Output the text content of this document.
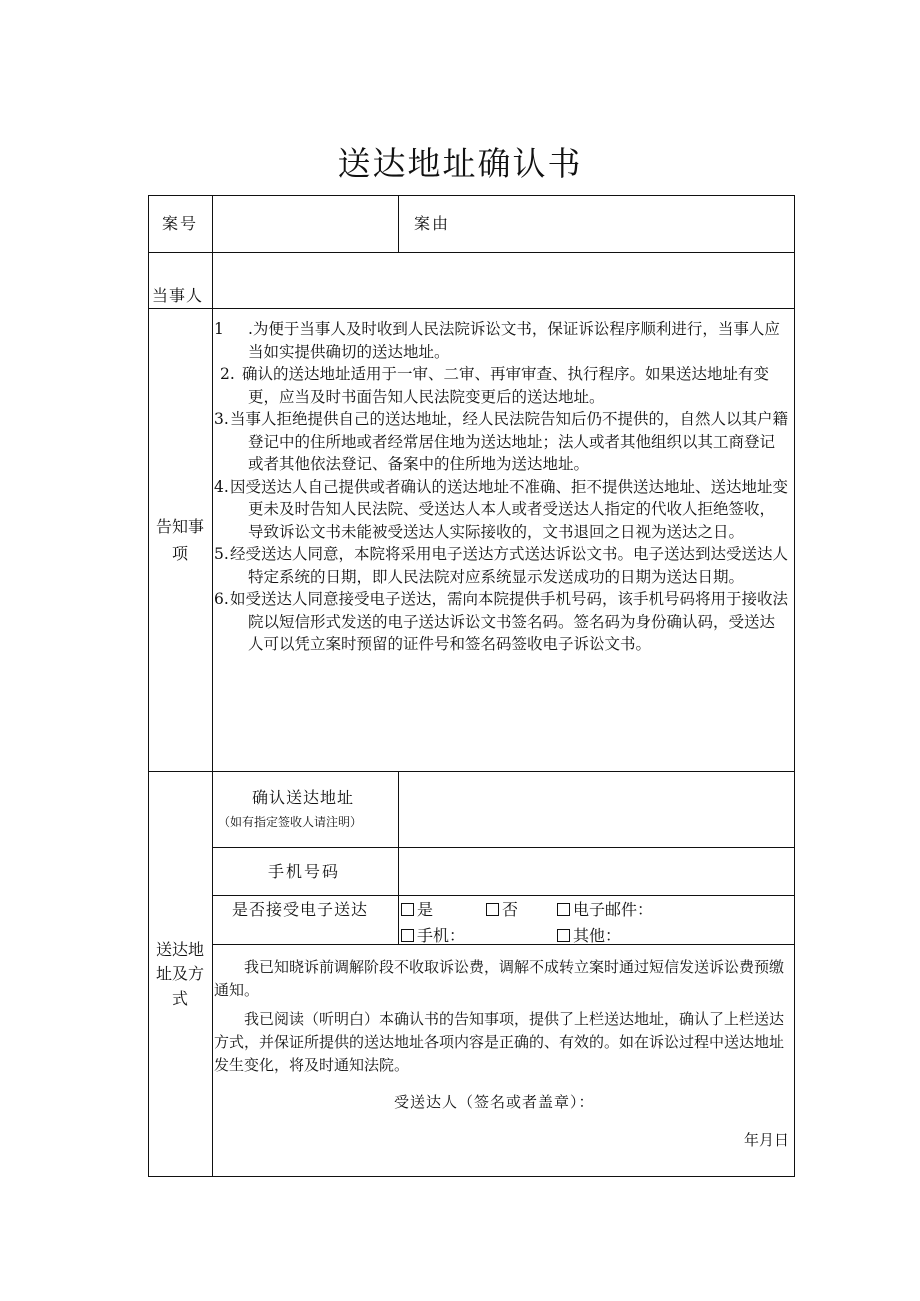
送达地址确认书
案号	案由
当事人
告知事
项
1 .为便于当事人及时收到人民法院诉讼文书，保证诉讼程序顺利进行，当事人应当如实提供确切的送达地址。
2. 确认的送达地址适用于一审、二审、再审审查、执行程序。如果送达地址有变更，应当及时书面告知人民法院变更后的送达地址。
3.当事人拒绝提供自己的送达地址，经人民法院告知后仍不提供的，自然人以其户籍登记中的住所地或者经常居住地为送达地址；法人或者其他组织以其工商登记或者其他依法登记、备案中的住所地为送达地址。
4.因受送达人自己提供或者确认的送达地址不准确、拒不提供送达地址、送达地址变更未及时告知人民法院、受送达人本人或者受送达人指定的代收人拒绝签收，导致诉讼文书未能被受送达人实际接收的，文书退回之日视为送达之日。
5.经受送达人同意，本院将采用电子送达方式送达诉讼文书。电子送达到达受送达人特定系统的日期，即人民法院对应系统显示发送成功的日期为送达日期。
6.如受送达人同意接受电子送达，需向本院提供手机号码，该手机号码将用于接收法院以短信形式发送的电子送达诉讼文书签名码。签名码为身份确认码，受送达人可以凭立案时预留的证件号和签名码签收电子诉讼文书。
送达地
址及方
式
确认送达地址
（如有指定签收人请注明）
手机号码
是否接受电子送达	是	否	电子邮件：
手机：	其他：

我已知晓诉前调解阶段不收取诉讼费，调解不成转立案时通过短信发送诉讼费预缴通知。

我已阅读（听明白）本确认书的告知事项，提供了上栏送达地址，确认了上栏送达方式，并保证所提供的送达地址各项内容是正确的、有效的。如在诉讼过程中送达地址发生变化，将及时通知法院。

受送达人（签名或者盖章）：
年月日
